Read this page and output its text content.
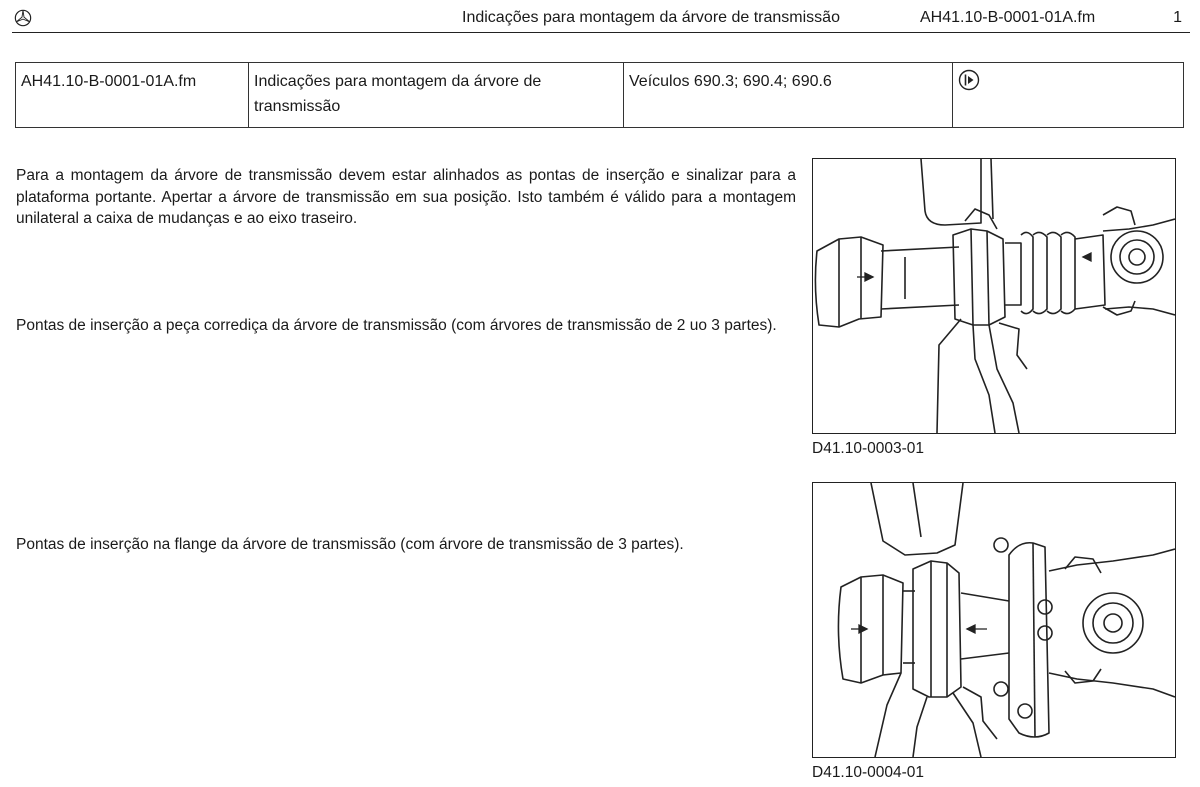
Indicações para montagem da árvore de transmissão	AH41.10-B-0001-01A.fm	1
AH41.10-B-0001-01A.fm	Indicações para montagem da árvore de transmissão	Veículos 690.3; 690.4; 690.6	
Para a montagem da árvore de transmissão devem estar alinhados as pontas de inserção e sinalizar para a plataforma portante. Apertar a árvore de transmissão em sua posição. Isto também é válido para a montagem unilateral a caixa de mudanças e ao eixo traseiro.
Pontas de inserção a peça corrediça da árvore de transmissão (com árvores de transmissão de 2 uo 3 partes).
Pontas de inserção na flange da árvore de transmissão (com árvore de transmissão de 3 partes).
D41.10-0003-01
D41.10-0004-01
